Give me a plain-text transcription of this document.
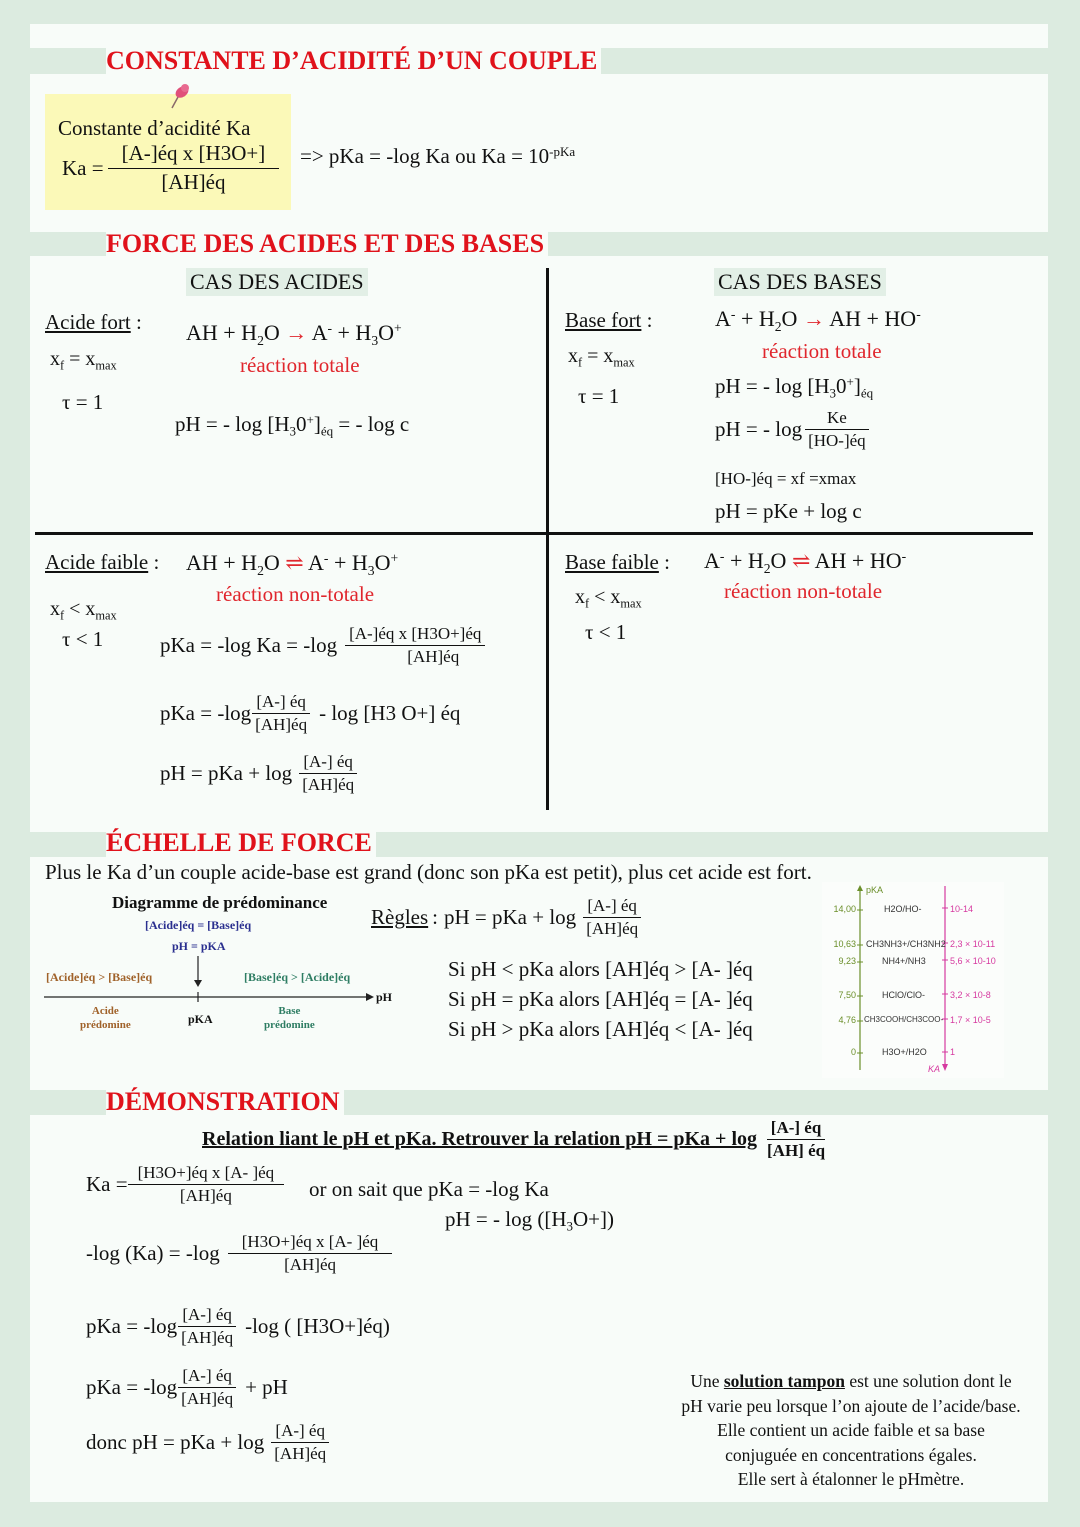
CONSTANTE D’ACIDITÉ D’UN COUPLE
Constante d’acidité Ka
$Ka = \frac{\text{[A-]éq x [H3O+]}}{[AH]éq}$ => pKa = -log Ka ou $Ka = 10^{-pKa}$
FORCE DES ACIDES ET DES BASES
CAS DES ACIDES	CAS DES BASES
Acide fort :
$x_f = x_{max}$
τ = 1
AH + $H_2O \to A^- + H_3O^+$
réaction totale
pH = - $\log [H_30^+]_{éq}$ = - log c
Base fort :
$x_f = x_{max}$
τ = 1
$A^- + H_2O$ → AH + HO-
réaction totale
pH = - $\log [H_30^+]_{éq}$
pH = - $\log \frac{Ke}{[HO-]éq}$
[HO-]éq = xf =xmax
pH = pKe + log c
Acide faible : AH + $H_2O$ ⇌ $A^- + H_3O^+$
réaction non-totale
$x_f < x_{max}$
τ < 1	pKa = -log $Ka = -\log \frac{\text{[A-]éq x [H3O+]éq}}{[AH]éq}$
pKa = $-\log \frac{[A-] éq}{[AH]éq}$ - log [H3 O+] éq
pH = pKa + $\log \frac{[A-] éq}{[AH]éq}$
Base faible : $A^- + H_2O$ ⇌ AH + HO-
réaction non-totale
$x_f < x_{max}$
τ < 1
ÉCHELLE DE FORCE
Plus le Ka d’un couple acide-base est grand (donc son pKa est petit), plus cet acide est fort.
Diagramme de prédominance
[Acide]éq = [Base]éq
pH = pKA
[Acide]éq > [Base]éq	[Base]éq > [Acide]éq
pH
pKA
Acide
prédomine
Base
prédomine
Règles : pH = pKa + $\log \frac{[A-] éq}{[AH]éq}$
Si pH < pKa alors [AH]éq > [A- ]éq
Si pH = pKa alors [AH]éq = [A- ]éq
Si pH > pKa alors [AH]éq < [A- ]éq
pKA
KA
14,00	H2O/HO-	10-14
10,63 CH3NH3+/CH3NH2 2,3 × 10-11
9,23	NH4+/NH3	5,6 × 10-10
7,50	HClO/ClO-	3,2 × 10-8
4,76 CH3COOH/CH3COO- 1,7 × 10-5
0	H3O+/H2O	1
DÉMONSTRATION
Relation liant le pH et pKa. Retrouver la relation pH = pKa + $\log \frac{[A-] éq}{[AH] éq}$
$Ka = \frac{\text{[H3O+]éq x [A- ]éq}}{[AH]éq}$ or on sait que pKa = -log Ka
pH = - $\log ([H_3O+])$
-log $(Ka) = -\log \frac{\text{[H3O+]éq x [A- ]éq}}{[AH]éq}$
pKa = $-\log \frac{[A-] éq}{[AH]éq} -\log$ ( [H3O+]éq)
pKa = $-\log \frac{[A-] éq}{[AH]éq}$ + pH
donc pH = pKa + $\log \frac{[A-] éq}{[AH]éq}$
Une solution tampon est une solution dont le
pH varie peu lorsque l’on ajoute de l’acide/base.
Elle contient un acide faible et sa base
conjuguée en concentrations égales.
Elle sert à étalonner le pHmètre.
